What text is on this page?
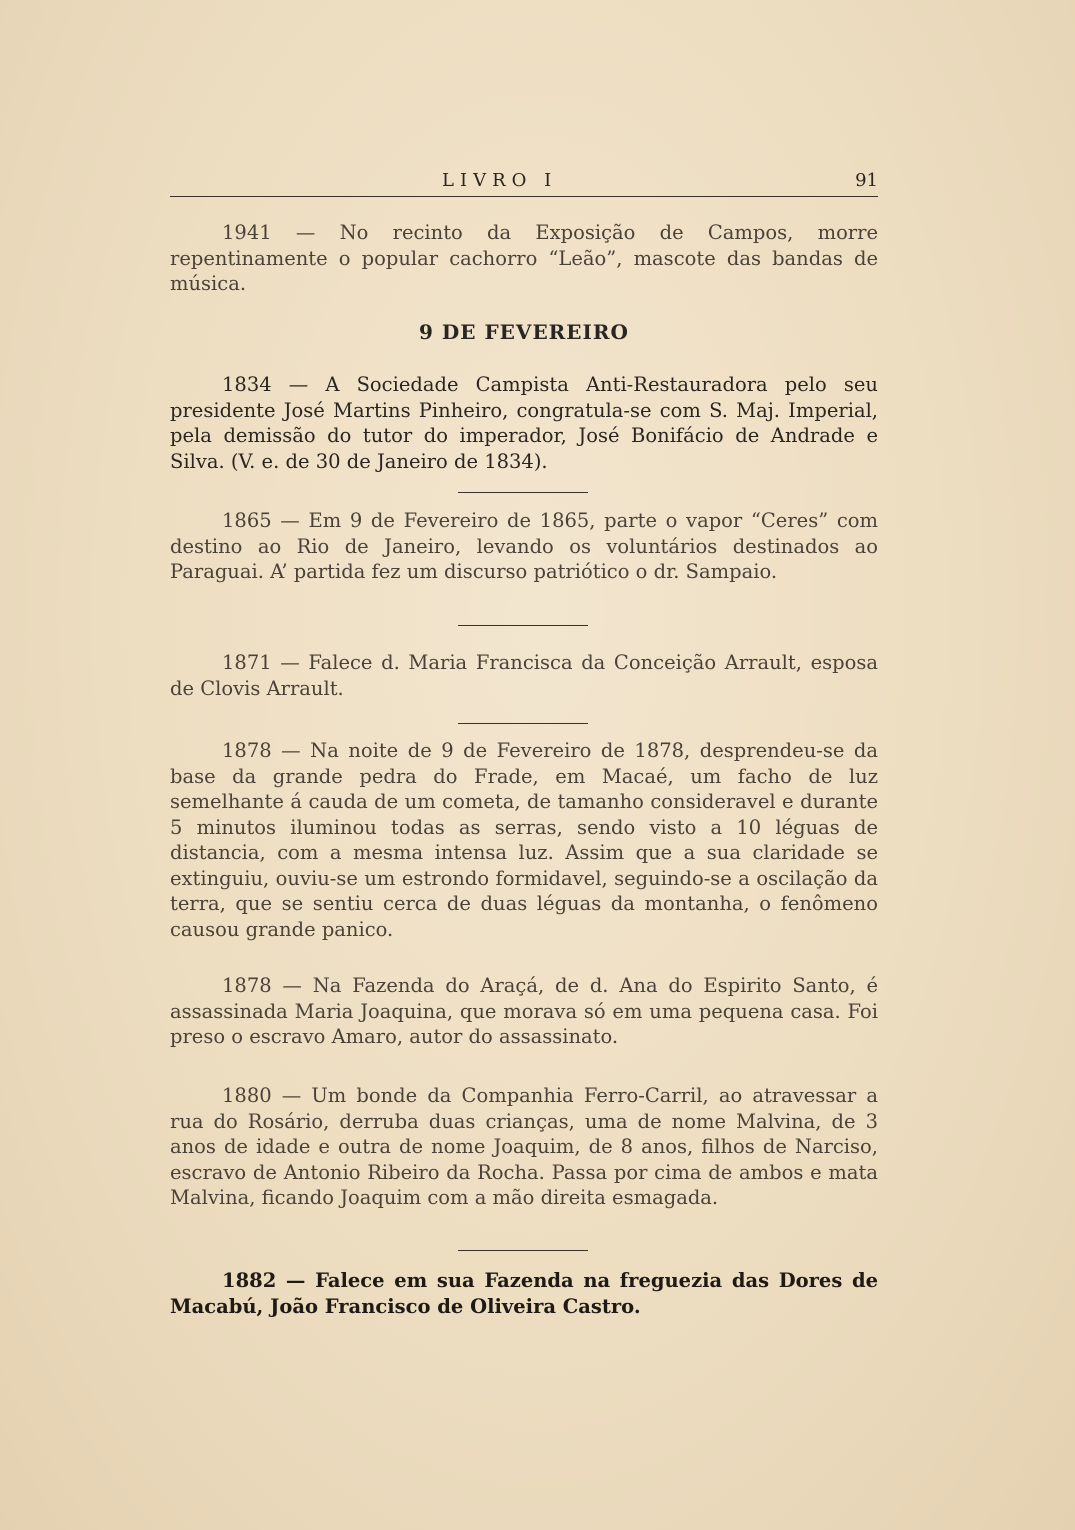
LIVRO I	91

1941 — No recinto da Exposição de Campos, morre repentinamente o popular cachorro “Leão”, mascote das bandas de música.

9 DE FEVEREIRO

1834 — A Sociedade Campista Anti-Restauradora pelo seu presidente José Martins Pinheiro, congratula-se com S. Maj. Imperial, pela demissão do tutor do imperador, José Bonifácio de Andrade e Silva. (V. e. de 30 de Janeiro de 1834).

1865 — Em 9 de Fevereiro de 1865, parte o vapor “Ceres” com destino ao Rio de Janeiro, levando os voluntários destinados ao Paraguai. A’ partida fez um discurso patriótico o dr. Sampaio.

1871 — Falece d. Maria Francisca da Conceição Arrault, esposa de Clovis Arrault.

1878 — Na noite de 9 de Fevereiro de 1878, desprendeu-se da base da grande pedra do Frade, em Macaé, um facho de luz semelhante á cauda de um cometa, de tamanho consideravel e durante 5 minutos iluminou todas as serras, sendo visto a 10 léguas de distancia, com a mesma intensa luz. Assim que a sua claridade se extinguiu, ouviu-se um estrondo formidavel, seguindo-se a oscilação da terra, que se sentiu cerca de duas léguas da montanha, o fenômeno causou grande panico.

1878 — Na Fazenda do Araçá, de d. Ana do Espirito Santo, é assassinada Maria Joaquina, que morava só em uma pequena casa. Foi preso o escravo Amaro, autor do assassinato.

1880 — Um bonde da Companhia Ferro-Carril, ao atravessar a rua do Rosário, derruba duas crianças, uma de nome Malvina, de 3 anos de idade e outra de nome Joaquim, de 8 anos, filhos de Narciso, escravo de Antonio Ribeiro da Rocha. Passa por cima de ambos e mata Malvina, ficando Joaquim com a mão direita esmagada.

1882 — Falece em sua Fazenda na freguezia das Dores de Macabú, João Francisco de Oliveira Castro.
